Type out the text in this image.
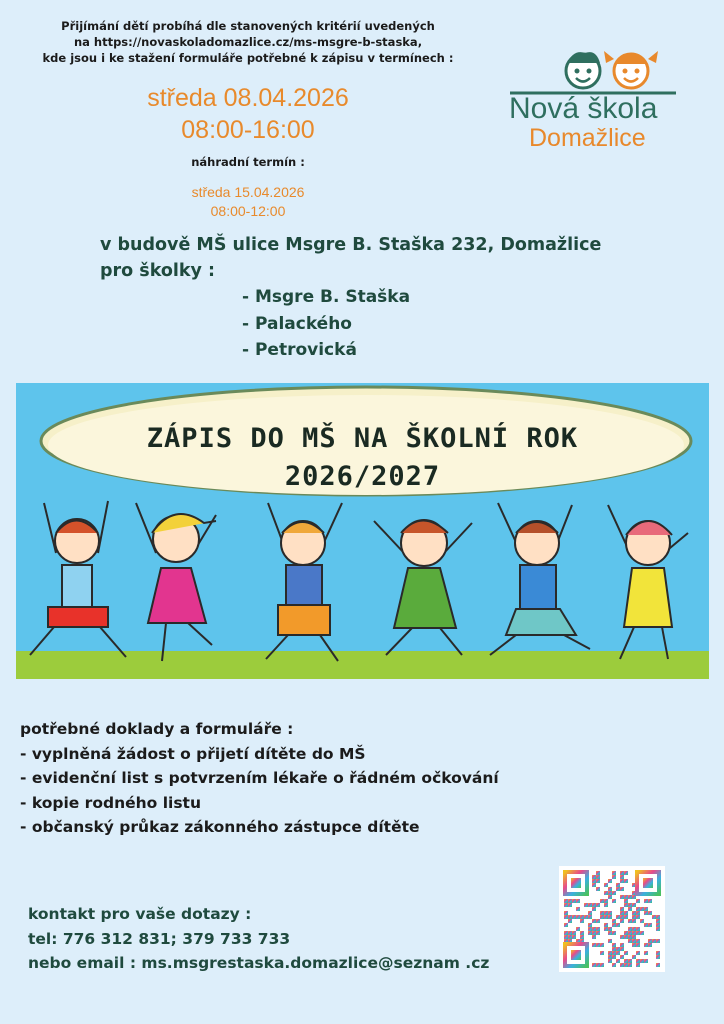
Přijímání dětí probíhá dle stanovených kritérií uvedených
na https://novaskoladomazlice.cz/ms-msgre-b-staska,
kde jsou i ke stažení formuláře potřebné k zápisu v termínech :
středa 08.04.2026
08:00-16:00
náhradní termín :
středa 15.04.2026
08:00-12:00
v budově MŠ ulice Msgre B. Staška 232, Domažlice
pro školky :
- Msgre B. Staška
- Palackého
- Petrovická
Nová škola
Domažlice
ZÁPIS DO MŠ NA ŠKOLNÍ ROK
2026/2027
potřebné doklady a formuláře :
- vyplněná žádost o přijetí dítěte do MŠ
- evidenční list s potvrzením lékaře o řádném očkování
- kopie rodného listu
- občanský průkaz zákonného zástupce dítěte
kontakt pro vaše dotazy :
tel: 776 312 831; 379 733 733
nebo email : ms.msgrestaska.domazlice@seznam .cz
